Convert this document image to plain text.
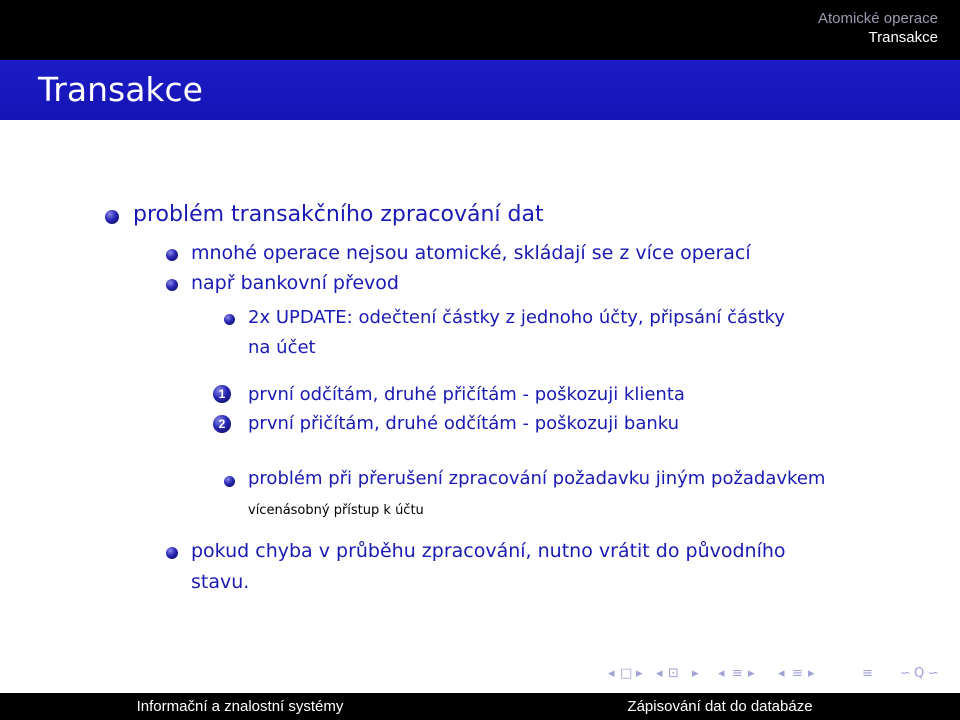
Atomické operace
Transakce
Transakce
problém transakčního zpracování dat
mnohé operace nejsou atomické, skládají se z více operací
např bankovní převod
2x UPDATE: odečtení částky z jednoho účty, připsání částky
na účet
1	první odčítám, druhé přičítám - poškozuji klienta
2	první přičítám, druhé odčítám - poškozuji banku
problém při přerušení zpracování požadavku jiným požadavkem
vícenásobný přístup k účtu
pokud chyba v průběhu zpracování, nutno vrátit do původního
stavu.
◂ □ ▸ ◂ ⊡ ▸ ◂ ≡ ▸ ◂ ≡ ▸	≡ ∽ Q ∽
Informační a znalostní systémy	Zápisování dat do databáze
